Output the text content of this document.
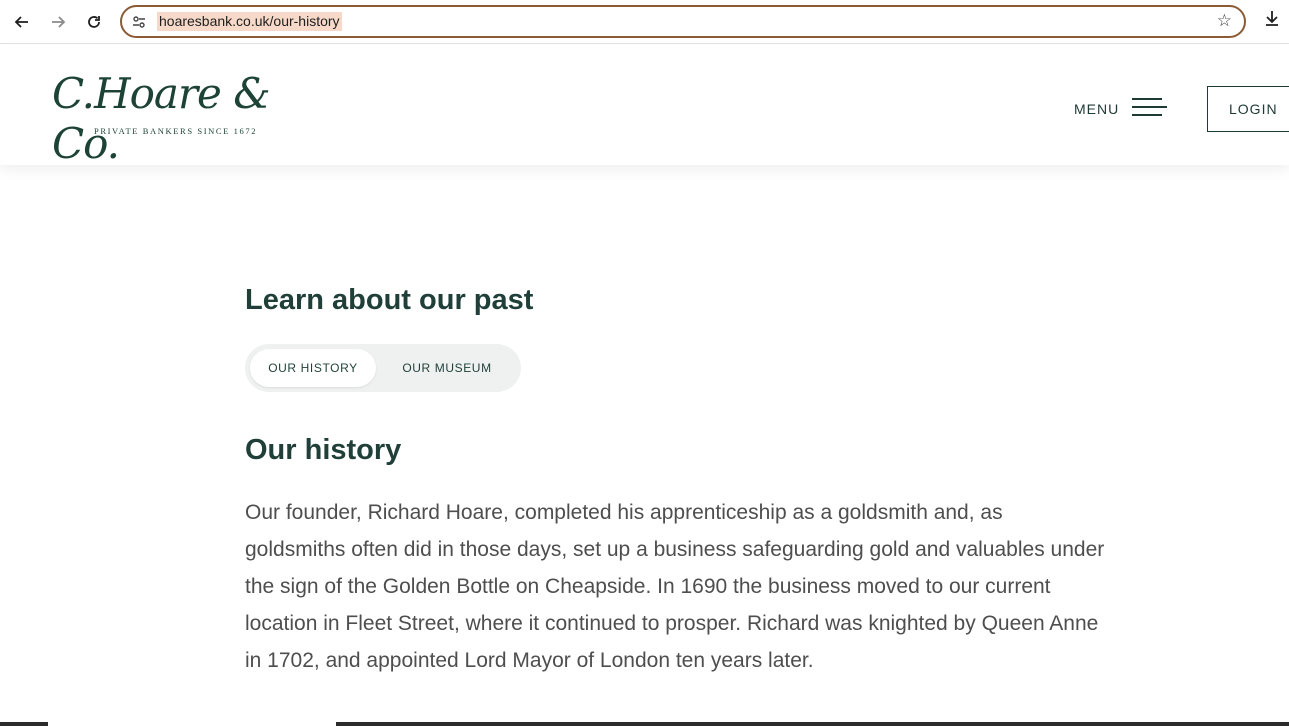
hoaresbank.co.uk/our-history	☆
C.Hoare & Co.
PRIVATE BANKERS SINCE 1672
MENU	LOGIN
Learn about our past
OUR HISTORY	OUR MUSEUM
Our history

Our founder, Richard Hoare, completed his apprenticeship as a goldsmith and, as goldsmiths often did in those days, set up a business safeguarding gold and valuables under the sign of the Golden Bottle on Cheapside. In 1690 the business moved to our current location in Fleet Street, where it continued to prosper. Richard was knighted by Queen Anne in 1702, and appointed Lord Mayor of London ten years later.
